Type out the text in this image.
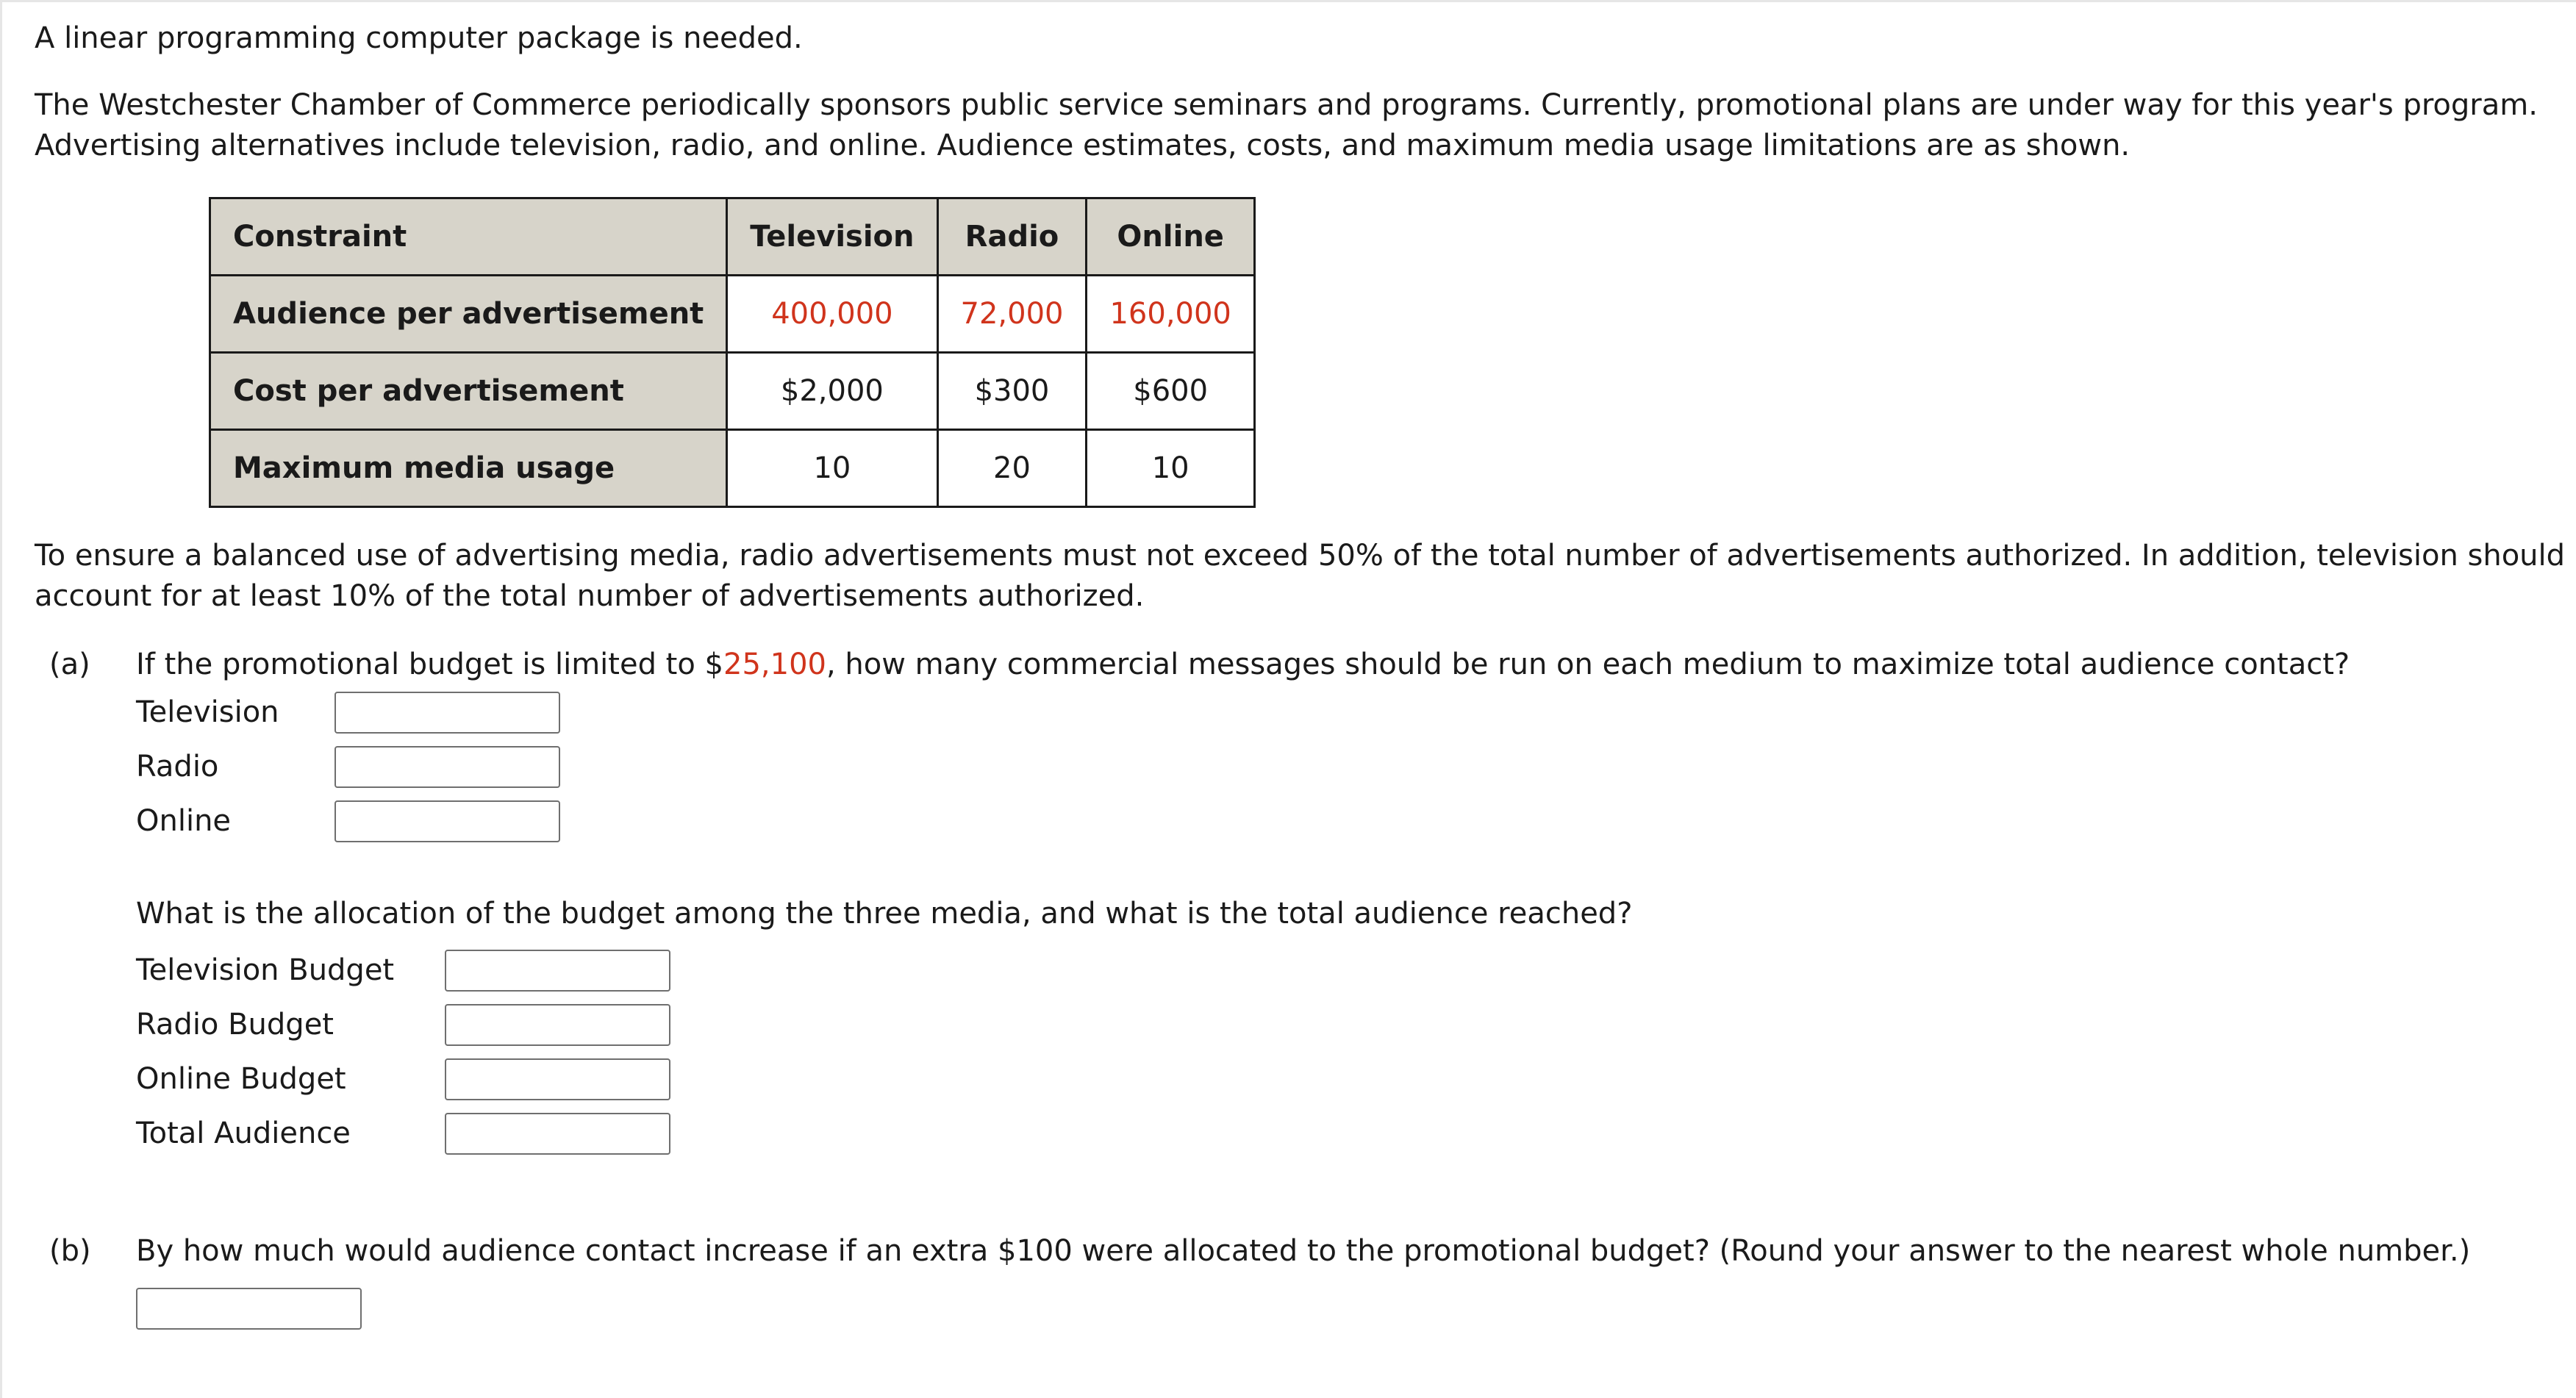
A linear programming computer package is needed.

The Westchester Chamber of Commerce periodically sponsors public service seminars and programs. Currently, promotional plans are under way for this year's program.

Advertising alternatives include television, radio, and online. Audience estimates, costs, and maximum media usage limitations are as shown.

Constraint	Television	Radio	Online
Audience per advertisement	400,000	72,000	160,000
Cost per advertisement	$2,000	$300	$600
Maximum media usage	10	20	10

To ensure a balanced use of advertising media, radio advertisements must not exceed 50% of the total number of advertisements authorized. In addition, television should

account for at least 10% of the total number of advertisements authorized.

(a)	If the promotional budget is limited to $25,100, how many commercial messages should be run on each medium to maximize total audience contact?
Television
Radio
Online

What is the allocation of the budget among the three media, and what is the total audience reached?

Television Budget
Radio Budget
Online Budget
Total Audience
(b)	By how much would audience contact increase if an extra $100 were allocated to the promotional budget? (Round your answer to the nearest whole number.)
